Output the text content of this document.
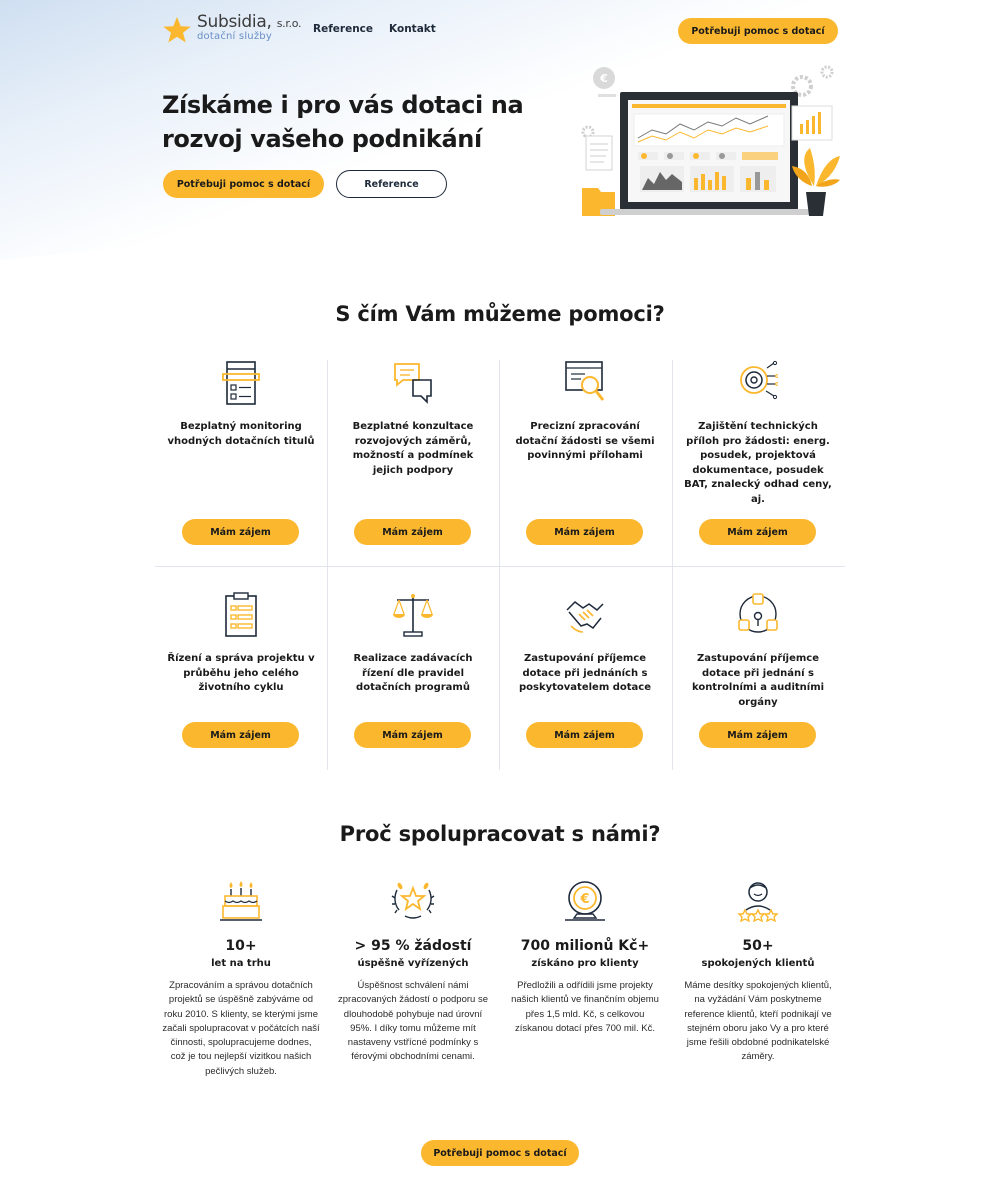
Subsidia, s.r.o.
dotační služby
Reference Kontakt	Potřebuji pomoc s dotací
Získáme i pro vás dotaci na rozvoj vašeho podnikání
Potřebuji pomoc s dotací	Reference
€
S čím Vám můžeme pomoci?
Bezplatný monitoring vhodných dotačních titulů
Mám zájem
Bezplatné konzultace rozvojových záměrů, možností a podmínek jejich podpory
Mám zájem
Precizní zpracování dotační žádosti se všemi povinnými přílohami
Mám zájem
Zajištění technických příloh pro žádosti: energ. posudek, projektová dokumentace, posudek BAT, znalecký odhad ceny, aj.
Mám zájem
Řízení a správa projektu v průběhu jeho celého životního cyklu
Mám zájem
Realizace zadávacích řízení dle pravidel dotačních programů
Mám zájem
Zastupování příjemce dotace při jednáních s poskytovatelem dotace
Mám zájem
Zastupování příjemce dotace při jednání s kontrolními a auditními orgány
Mám zájem
Proč spolupracovat s námi?
10+
let na trhu

Zpracováním a správou dotačních projektů se úspěšně zabýváme od roku 2010. S klienty, se kterými jsme začali spolupracovat v počátcích naší činnosti, spolupracujeme dodnes, což je tou nejlepší vizitkou našich pečlivých služeb.

> 95 % žádostí
úspěšně vyřízených

Úspěšnost schválení námi zpracovaných žádostí o podporu se dlouhodobě pohybuje nad úrovní 95%. I díky tomu můžeme mít nastaveny vstřícné podmínky s férovými obchodními cenami.

€
700 milionů Kč+
získáno pro klienty

Předložili a odřídili jsme projekty našich klientů ve finančním objemu přes 1,5 mld. Kč, s celkovou získanou dotací přes 700 mil. Kč.

50+
spokojených klientů

Máme desítky spokojených klientů, na vyžádání Vám poskytneme reference klientů, kteří podnikají ve stejném oboru jako Vy a pro které jsme řešili obdobné podnikatelské záměry.

Potřebuji pomoc s dotací
